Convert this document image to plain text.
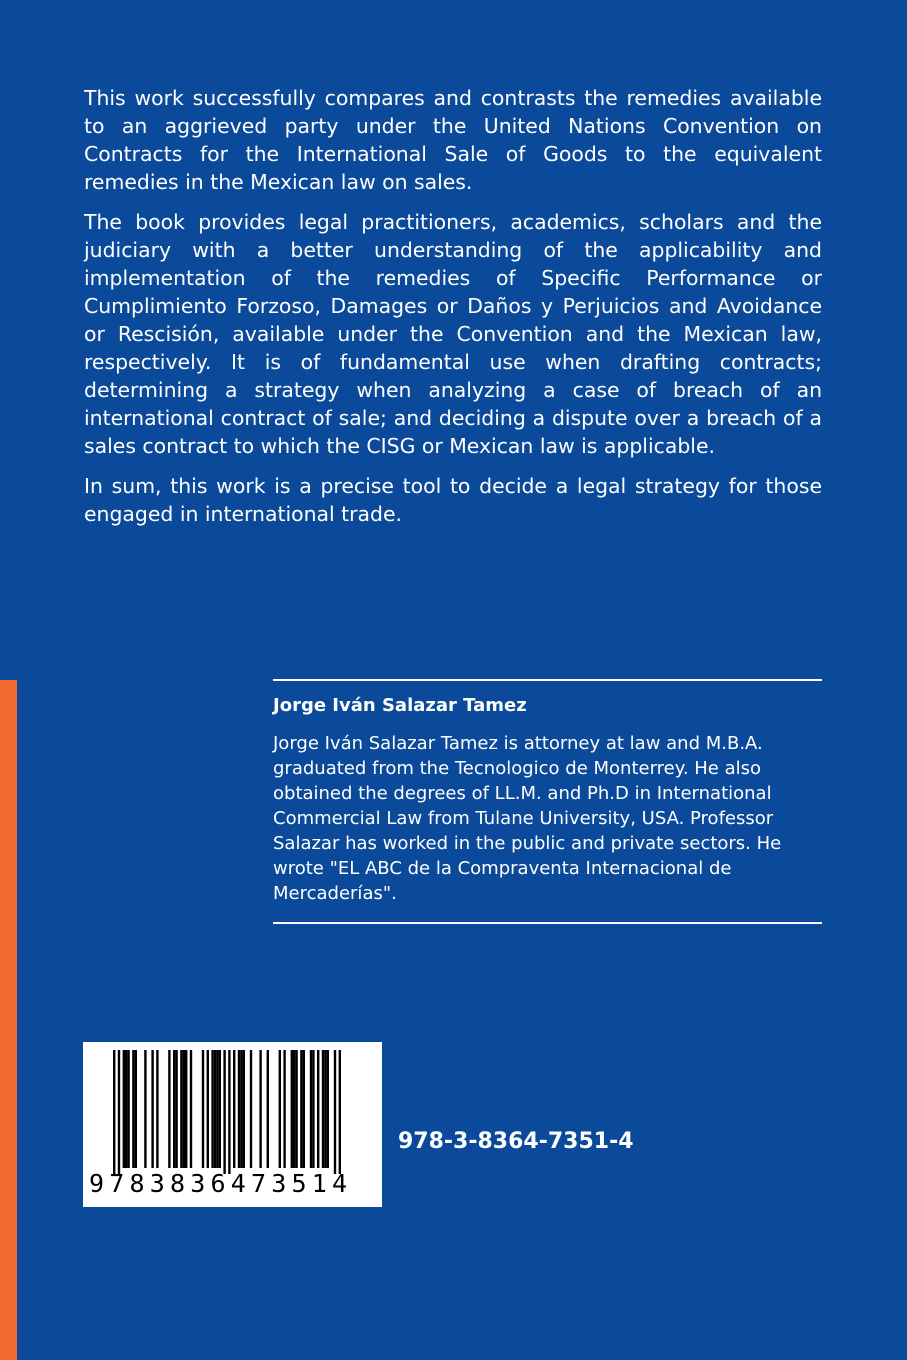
This work successfully compares and contrasts the remedies available to an aggrieved party under the United Nations Convention on Contracts for the International Sale of Goods to the equivalent remedies in the Mexican law on sales.

The book provides legal practitioners, academics, scholars and the judiciary with a better understanding of the applicability and implementation of the remedies of Specific Performance or Cumplimiento Forzoso, Damages or Daños y Perjuicios and Avoidance or Rescisión, available under the Convention and the Mexican law, respectively. It is of fundamental use when drafting contracts; determining a strategy when analyzing a case of breach of an international contract of sale; and deciding a dispute over a breach of a sales contract to which the CISG or Mexican law is applicable.

In sum, this work is a precise tool to decide a legal strategy for those engaged in international trade.

Jorge Iván Salazar Tamez

Jorge Iván Salazar Tamez is attorney at law and M.B.A. graduated from the Tecnologico de Monterrey. He also obtained the degrees of LL.M. and Ph.D in International Commercial Law from Tulane University, USA. Professor Salazar has worked in the public and private sectors. He wrote "EL ABC de la Compraventa Internacional de Mercaderías".

9783836473514
978-3-8364-7351-4
